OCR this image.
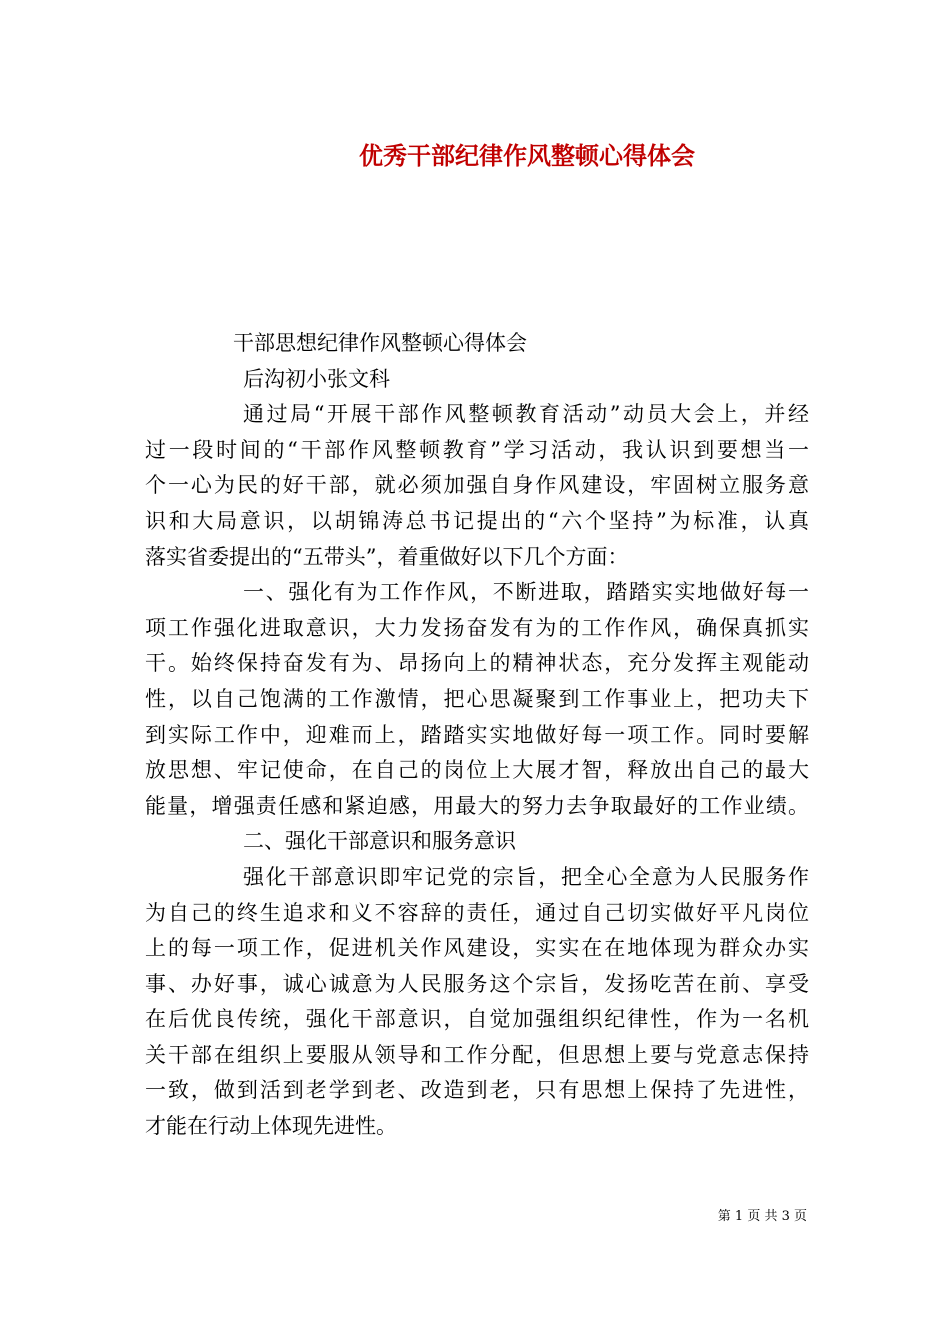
优秀干部纪律作风整顿心得体会

干部思想纪律作风整顿心得体会

后沟初小张文科

通过局“开展干部作风整顿教育活动”动员大会上，并经

过一段时间的“干部作风整顿教育”学习活动，我认识到要想当一

个一心为民的好干部，就必须加强自身作风建设，牢固树立服务意

识和大局意识，以胡锦涛总书记提出的“六个坚持”为标准，认真

落实省委提出的“五带头”，着重做好以下几个方面：

一、强化有为工作作风，不断进取，踏踏实实地做好每一

项工作强化进取意识，大力发扬奋发有为的工作作风，确保真抓实

干。始终保持奋发有为、昂扬向上的精神状态，充分发挥主观能动

性，以自己饱满的工作激情，把心思凝聚到工作事业上，把功夫下

到实际工作中，迎难而上，踏踏实实地做好每一项工作。同时要解

放思想、牢记使命，在自己的岗位上大展才智，释放出自己的最大

能量，增强责任感和紧迫感，用最大的努力去争取最好的工作业绩。

二、强化干部意识和服务意识

强化干部意识即牢记党的宗旨，把全心全意为人民服务作

为自己的终生追求和义不容辞的责任，通过自己切实做好平凡岗位

上的每一项工作，促进机关作风建设，实实在在地体现为群众办实

事、办好事，诚心诚意为人民服务这个宗旨，发扬吃苦在前、享受

在后优良传统，强化干部意识，自觉加强组织纪律性，作为一名机

关干部在组织上要服从领导和工作分配，但思想上要与党意志保持

一致，做到活到老学到老、改造到老，只有思想上保持了先进性，

才能在行动上体现先进性。

第 1 页 共 3 页
